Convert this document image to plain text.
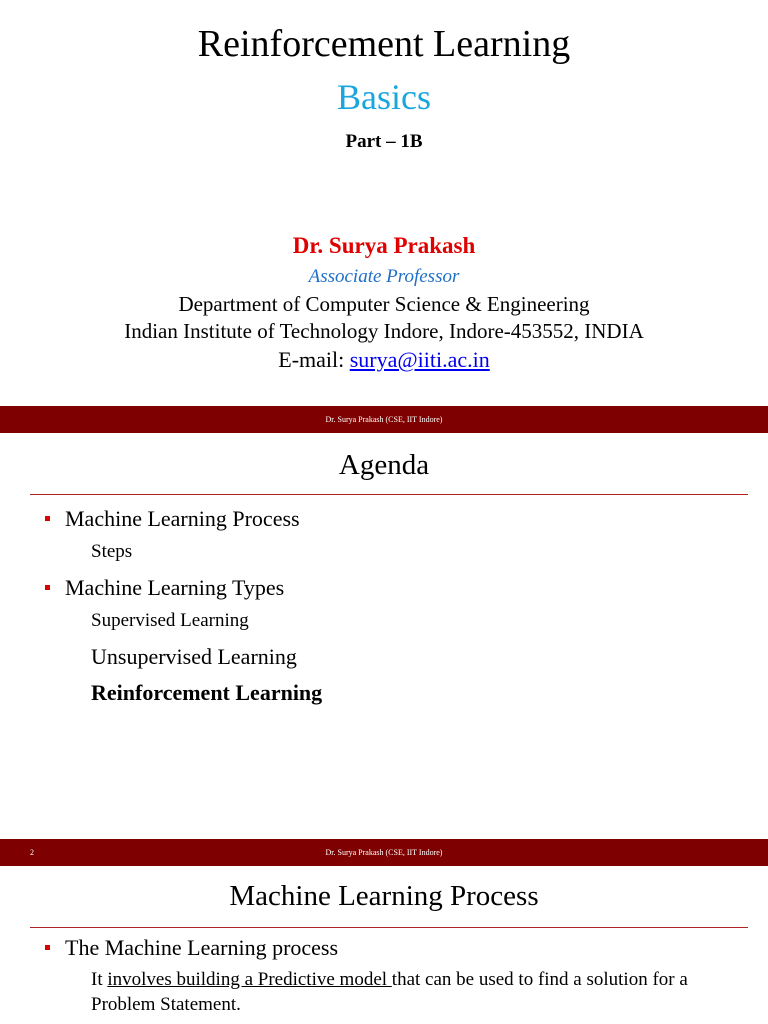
Reinforcement Learning
Basics
Part – 1B
Dr. Surya Prakash
Associate Professor
Department of Computer Science & Engineering
Indian Institute of Technology Indore, Indore-453552, INDIA
E-mail: surya@iiti.ac.in
Dr. Surya Prakash (CSE, IIT Indore)
Agenda
Machine Learning Process
Steps
Machine Learning Types
Supervised Learning
Unsupervised Learning
Reinforcement Learning
2	Dr. Surya Prakash (CSE, IIT Indore)
Machine Learning Process
The Machine Learning process
It involves building a Predictive model that can be used to find a solution for a Problem Statement.
